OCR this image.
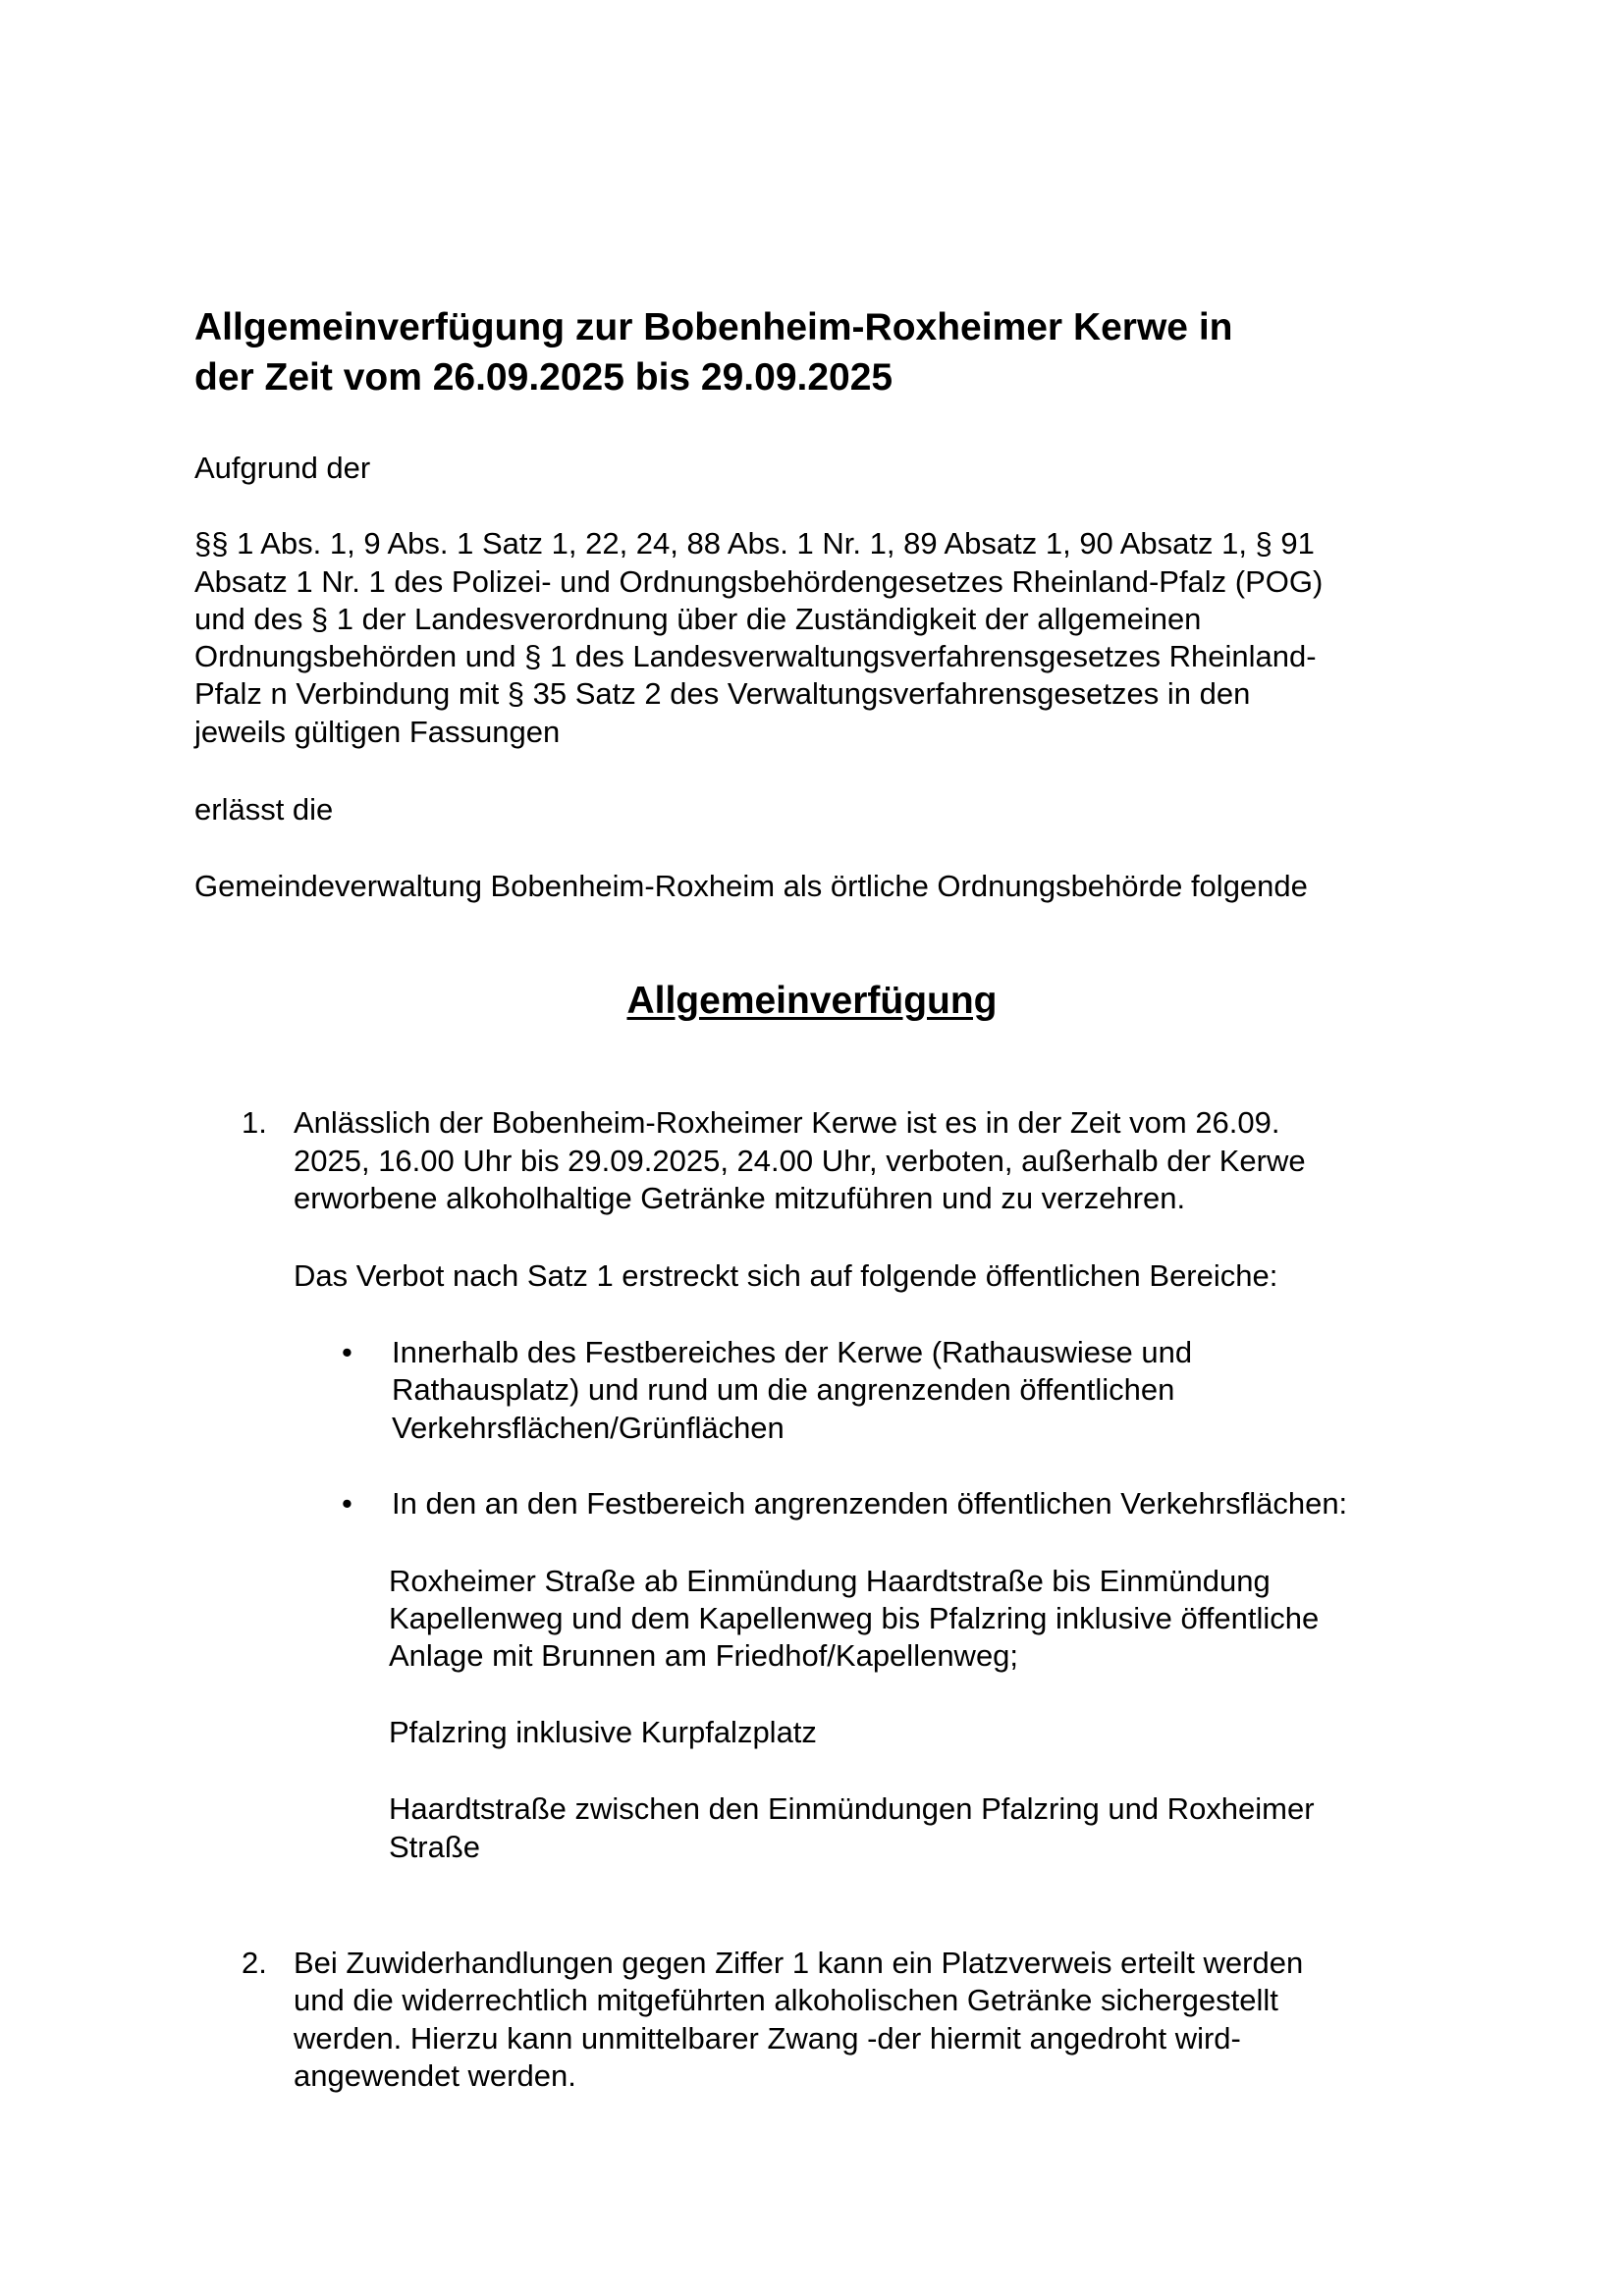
Allgemeinverfügung zur Bobenheim-Roxheimer Kerwe in
der Zeit vom 26.09.2025 bis 29.09.2025

Aufgrund der

§§ 1 Abs. 1, 9 Abs. 1 Satz 1, 22, 24, 88 Abs. 1 Nr. 1, 89 Absatz 1, 90 Absatz 1, § 91

Absatz 1 Nr. 1 des Polizei- und Ordnungsbehördengesetzes Rheinland-Pfalz (POG)

und des § 1 der Landesverordnung über die Zuständigkeit der allgemeinen

Ordnungsbehörden und § 1 des Landesverwaltungsverfahrensgesetzes Rheinland-

Pfalz n Verbindung mit § 35 Satz 2 des Verwaltungsverfahrensgesetzes in den

jeweils gültigen Fassungen

erlässt die

Gemeindeverwaltung Bobenheim-Roxheim als örtliche Ordnungsbehörde folgende

Allgemeinverfügung

1. Anlässlich der Bobenheim-Roxheimer Kerwe ist es in der Zeit vom 26.09.

2025, 16.00 Uhr bis 29.09.2025, 24.00 Uhr, verboten, außerhalb der Kerwe

erworbene alkoholhaltige Getränke mitzuführen und zu verzehren.

Das Verbot nach Satz 1 erstreckt sich auf folgende öffentlichen Bereiche:

• Innerhalb des Festbereiches der Kerwe (Rathauswiese und

Rathausplatz) und rund um die angrenzenden öffentlichen

Verkehrsflächen/Grünflächen

• In den an den Festbereich angrenzenden öffentlichen Verkehrsflächen:

Roxheimer Straße ab Einmündung Haardtstraße bis Einmündung

Kapellenweg und dem Kapellenweg bis Pfalzring inklusive öffentliche

Anlage mit Brunnen am Friedhof/Kapellenweg;

Pfalzring inklusive Kurpfalzplatz

Haardtstraße zwischen den Einmündungen Pfalzring und Roxheimer

Straße

2. Bei Zuwiderhandlungen gegen Ziffer 1 kann ein Platzverweis erteilt werden

und die widerrechtlich mitgeführten alkoholischen Getränke sichergestellt

werden. Hierzu kann unmittelbarer Zwang -der hiermit angedroht wird-

angewendet werden.
